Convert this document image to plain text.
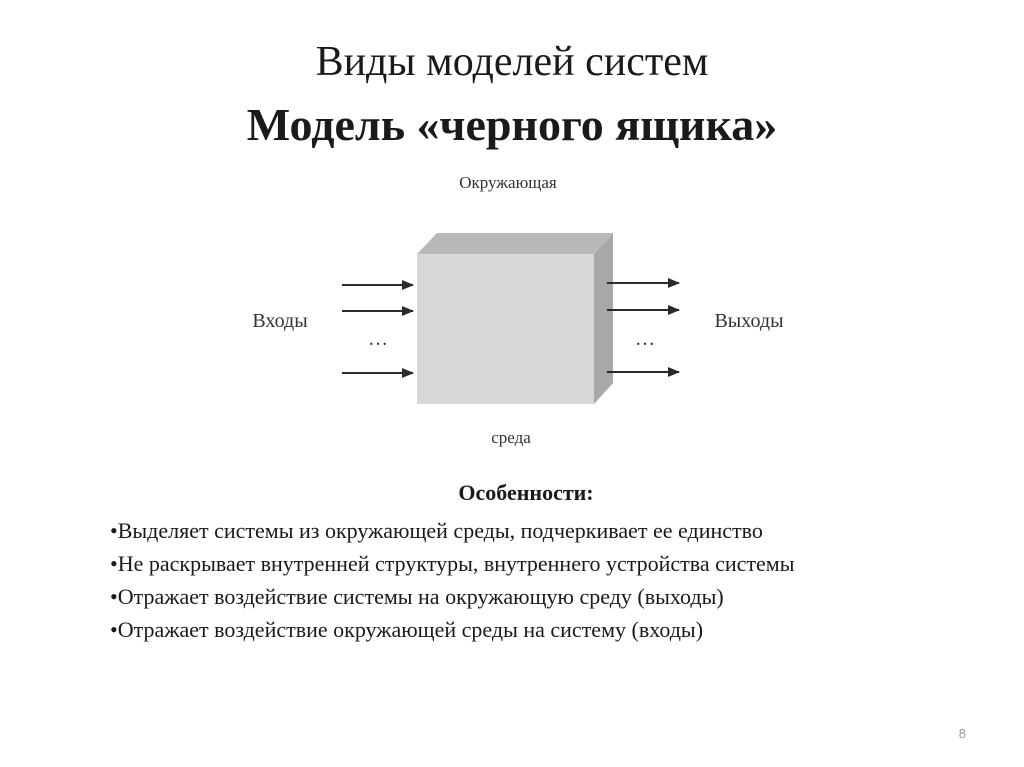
Виды моделей систем
Модель «черного ящика»
Окружающая
…
Входы
…
Выходы
среда

Особенности:

•Выделяет системы из окружающей среды, подчеркивает ее единство
•Не раскрывает внутренней структуры, внутреннего устройства системы
•Отражает воздействие системы на окружающую среду (выходы)
•Отражает воздействие окружающей среды на систему (входы)
8
